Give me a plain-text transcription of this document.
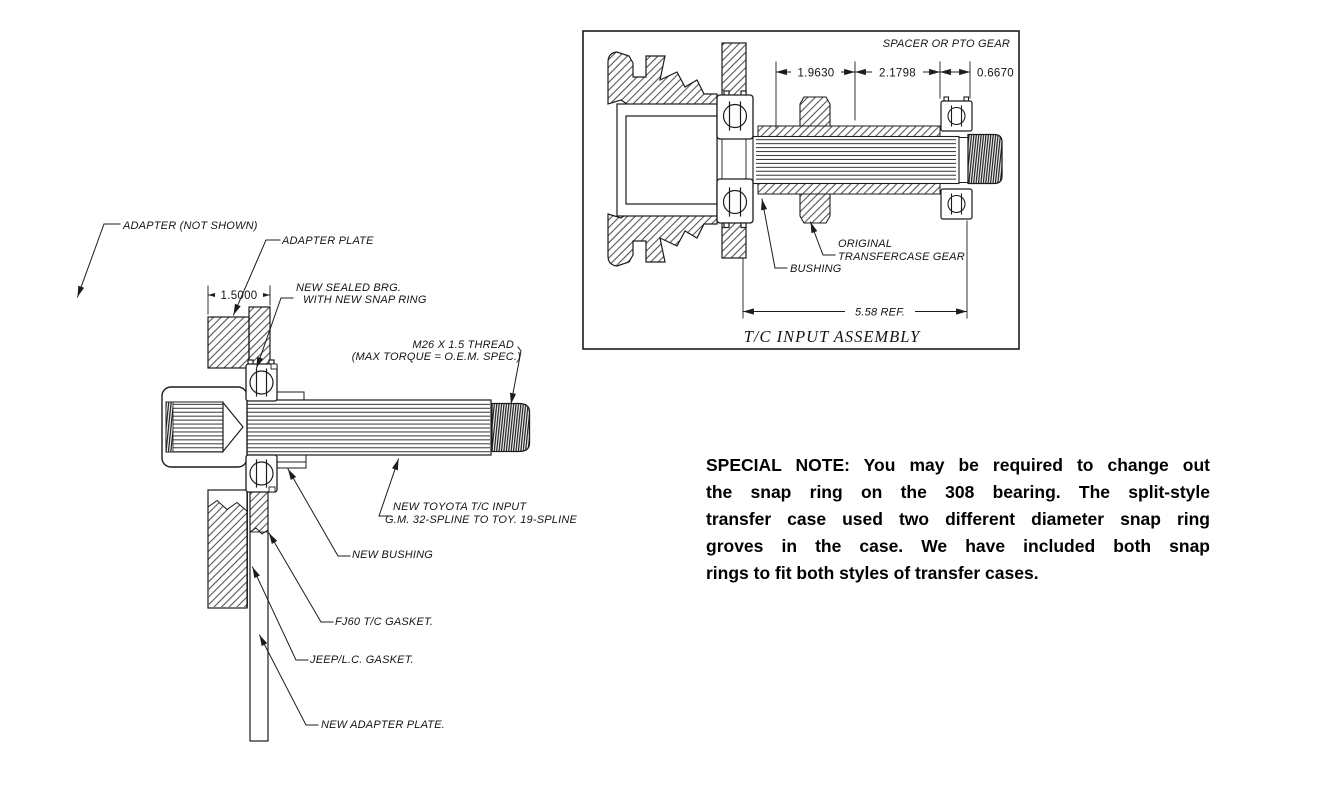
1.5000
ADAPTER (NOT SHOWN)
ADAPTER PLATE
NEW SEALED BRG.
WITH NEW SNAP RING
M26 X 1.5 THREAD
(MAX TORQUE = O.E.M. SPEC.)
NEW TOYOTA T/C INPUT
G.M. 32-SPLINE TO TOY. 19-SPLINE
NEW BUSHING
FJ60 T/C GASKET.
JEEP/L.C. GASKET.
NEW ADAPTER PLATE.
1.9630	2.1798	0.6670
5.58 REF.
SPACER OR PTO GEAR
ORIGINAL
TRANSFERCASE GEAR
BUSHING
T/C INPUT ASSEMBLY
SPECIAL NOTE: You may be required to change out
the snap ring on the 308 bearing. The split-style
transfer case used two different diameter snap ring
groves in the case. We have included both snap
rings to fit both styles of transfer cases.
